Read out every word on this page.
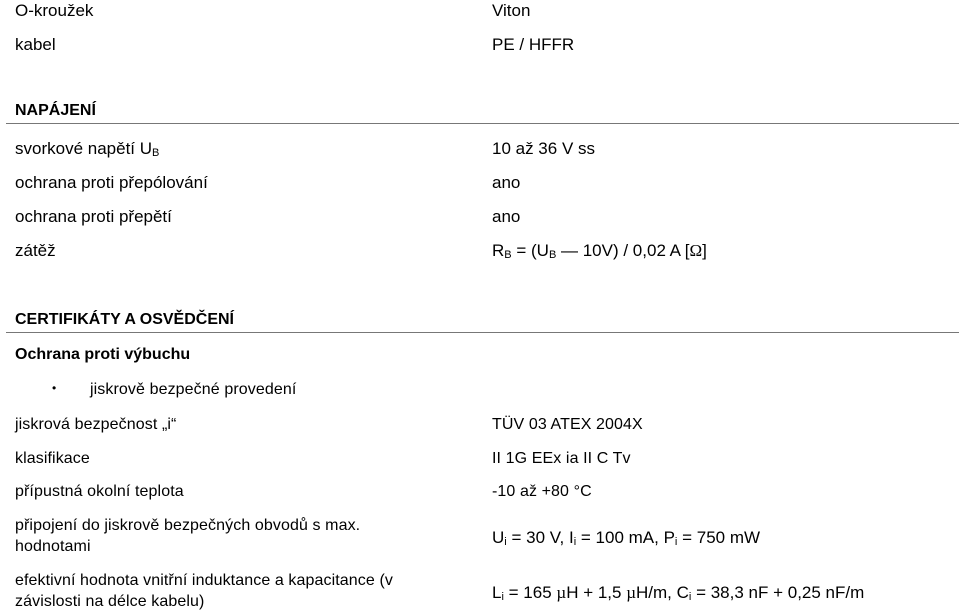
O-kroužek	Viton
kabel	PE / HFFR
NAPÁJENÍ
svorkové napětí $U_B$	10 až 36 V ss
ochrana proti přepólování	ano
ochrana proti přepětí	ano
zátěž	$R_B = (U_B$ — 10V) / 0,02 A [Ω]
CERTIFIKÁTY A OSVĚDČENÍ
Ochrana proti výbuchu
• jiskrově bezpečné provedení
jiskrová bezpečnost „i“	TÜV 03 ATEX 2004X
klasifikace	II 1G EEx ia II C Tv
přípustná okolní teplota	-10 až +80 °C
připojení do jiskrově bezpečných obvodů s max.
hodnotami	$U_i = 30$ V, $I_i = 100$ mA, $P_i = 750$ mW
efektivní hodnota vnitřní induktance a kapacitance (v
závislosti na délce kabelu)	$L_i = 165$ µH + 1,5 µH/m, $C_i = 38,3$ nF + 0,25 nF/m
